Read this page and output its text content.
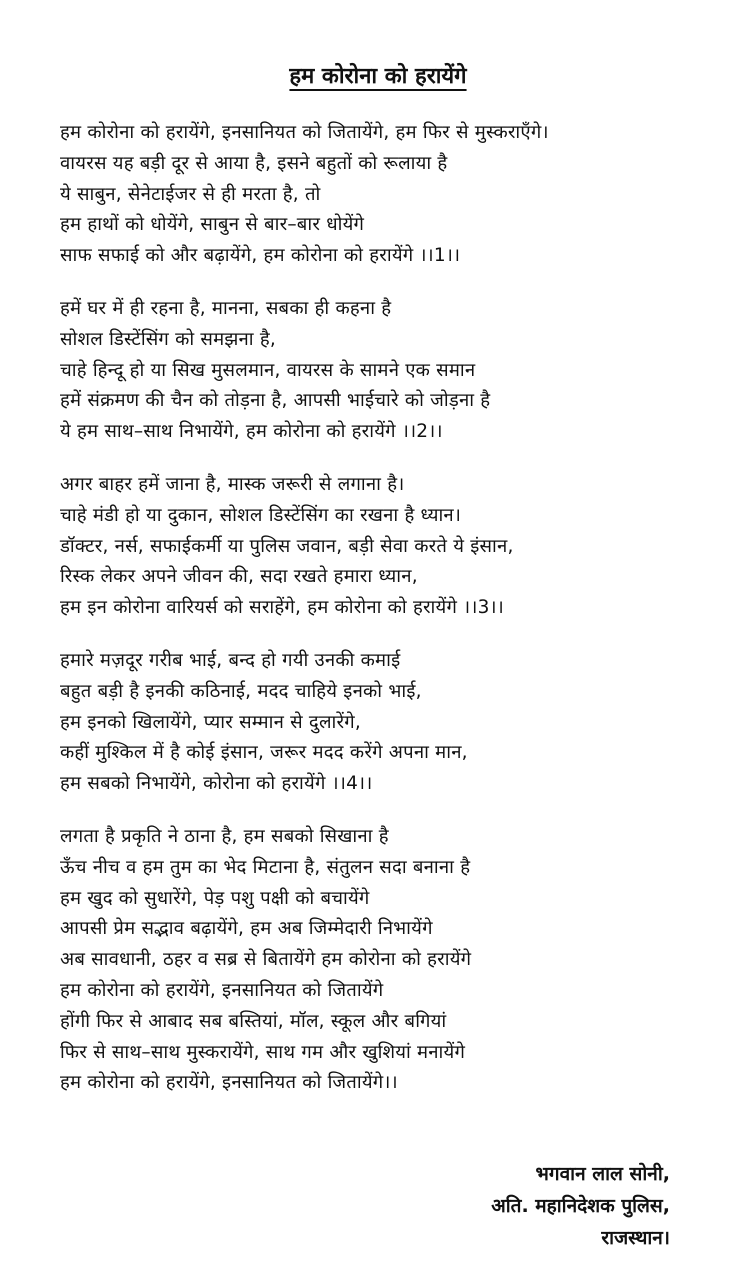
हम कोरोना को हरायेंगे
हम कोरोना को हरायेंगे, इनसानियत को जितायेंगे, हम फिर से मुस्कराएँगे।
वायरस यह बड़ी दूर से आया है, इसने बहुतों को रूलाया है
ये साबुन, सेनेटाईजर से ही मरता है, तो
हम हाथों को धोयेंगे, साबुन से बार–बार धोयेंगे
साफ सफाई को और बढ़ायेंगे, हम कोरोना को हरायेंगे ।।1।।
हमें घर में ही रहना है, मानना, सबका ही कहना है
सोशल डिस्टेंसिंग को समझना है,
चाहे हिन्दू हो या सिख मुसलमान, वायरस के सामने एक समान
हमें संक्रमण की चैन को तोड़ना है, आपसी भाईचारे को जोड़ना है
ये हम साथ–साथ निभायेंगे, हम कोरोना को हरायेंगे ।।2।।
अगर बाहर हमें जाना है, मास्क जरूरी से लगाना है।
चाहे मंडी हो या दुकान, सोशल डिस्टेंसिंग का रखना है ध्यान।
डॉक्टर, नर्स, सफाईकर्मी या पुलिस जवान, बड़ी सेवा करते ये इंसान,
रिस्क लेकर अपने जीवन की, सदा रखते हमारा ध्यान,
हम इन कोरोना वारियर्स को सराहेंगे, हम कोरोना को हरायेंगे ।।3।।
हमारे मज़दूर गरीब भाई, बन्द हो गयी उनकी कमाई
बहुत बड़ी है इनकी कठिनाई, मदद चाहिये इनको भाई,
हम इनको खिलायेंगे, प्यार सम्मान से दुलारेंगे,
कहीं मुश्किल में है कोई इंसान, जरूर मदद करेंगे अपना मान,
हम सबको निभायेंगे, कोरोना को हरायेंगे ।।4।।
लगता है प्रकृति ने ठाना है, हम सबको सिखाना है
ऊँच नीच व हम तुम का भेद मिटाना है, संतुलन सदा बनाना है
हम खुद को सुधारेंगे, पेड़ पशु पक्षी को बचायेंगे
आपसी प्रेम सद्भाव बढ़ायेंगे, हम अब जिम्मेदारी निभायेंगे
अब सावधानी, ठहर व सब्र से बितायेंगे हम कोरोना को हरायेंगे
हम कोरोना को हरायेंगे, इनसानियत को जितायेंगे
होंगी फिर से आबाद सब बस्तियां, मॉल, स्कूल और बगियां
फिर से साथ–साथ मुस्करायेंगे, साथ गम और खुशियां मनायेंगे
हम कोरोना को हरायेंगे, इनसानियत को जितायेंगे।।
भगवान लाल सोनी,
अति. महानिदेशक पुलिस,
राजस्थान।
